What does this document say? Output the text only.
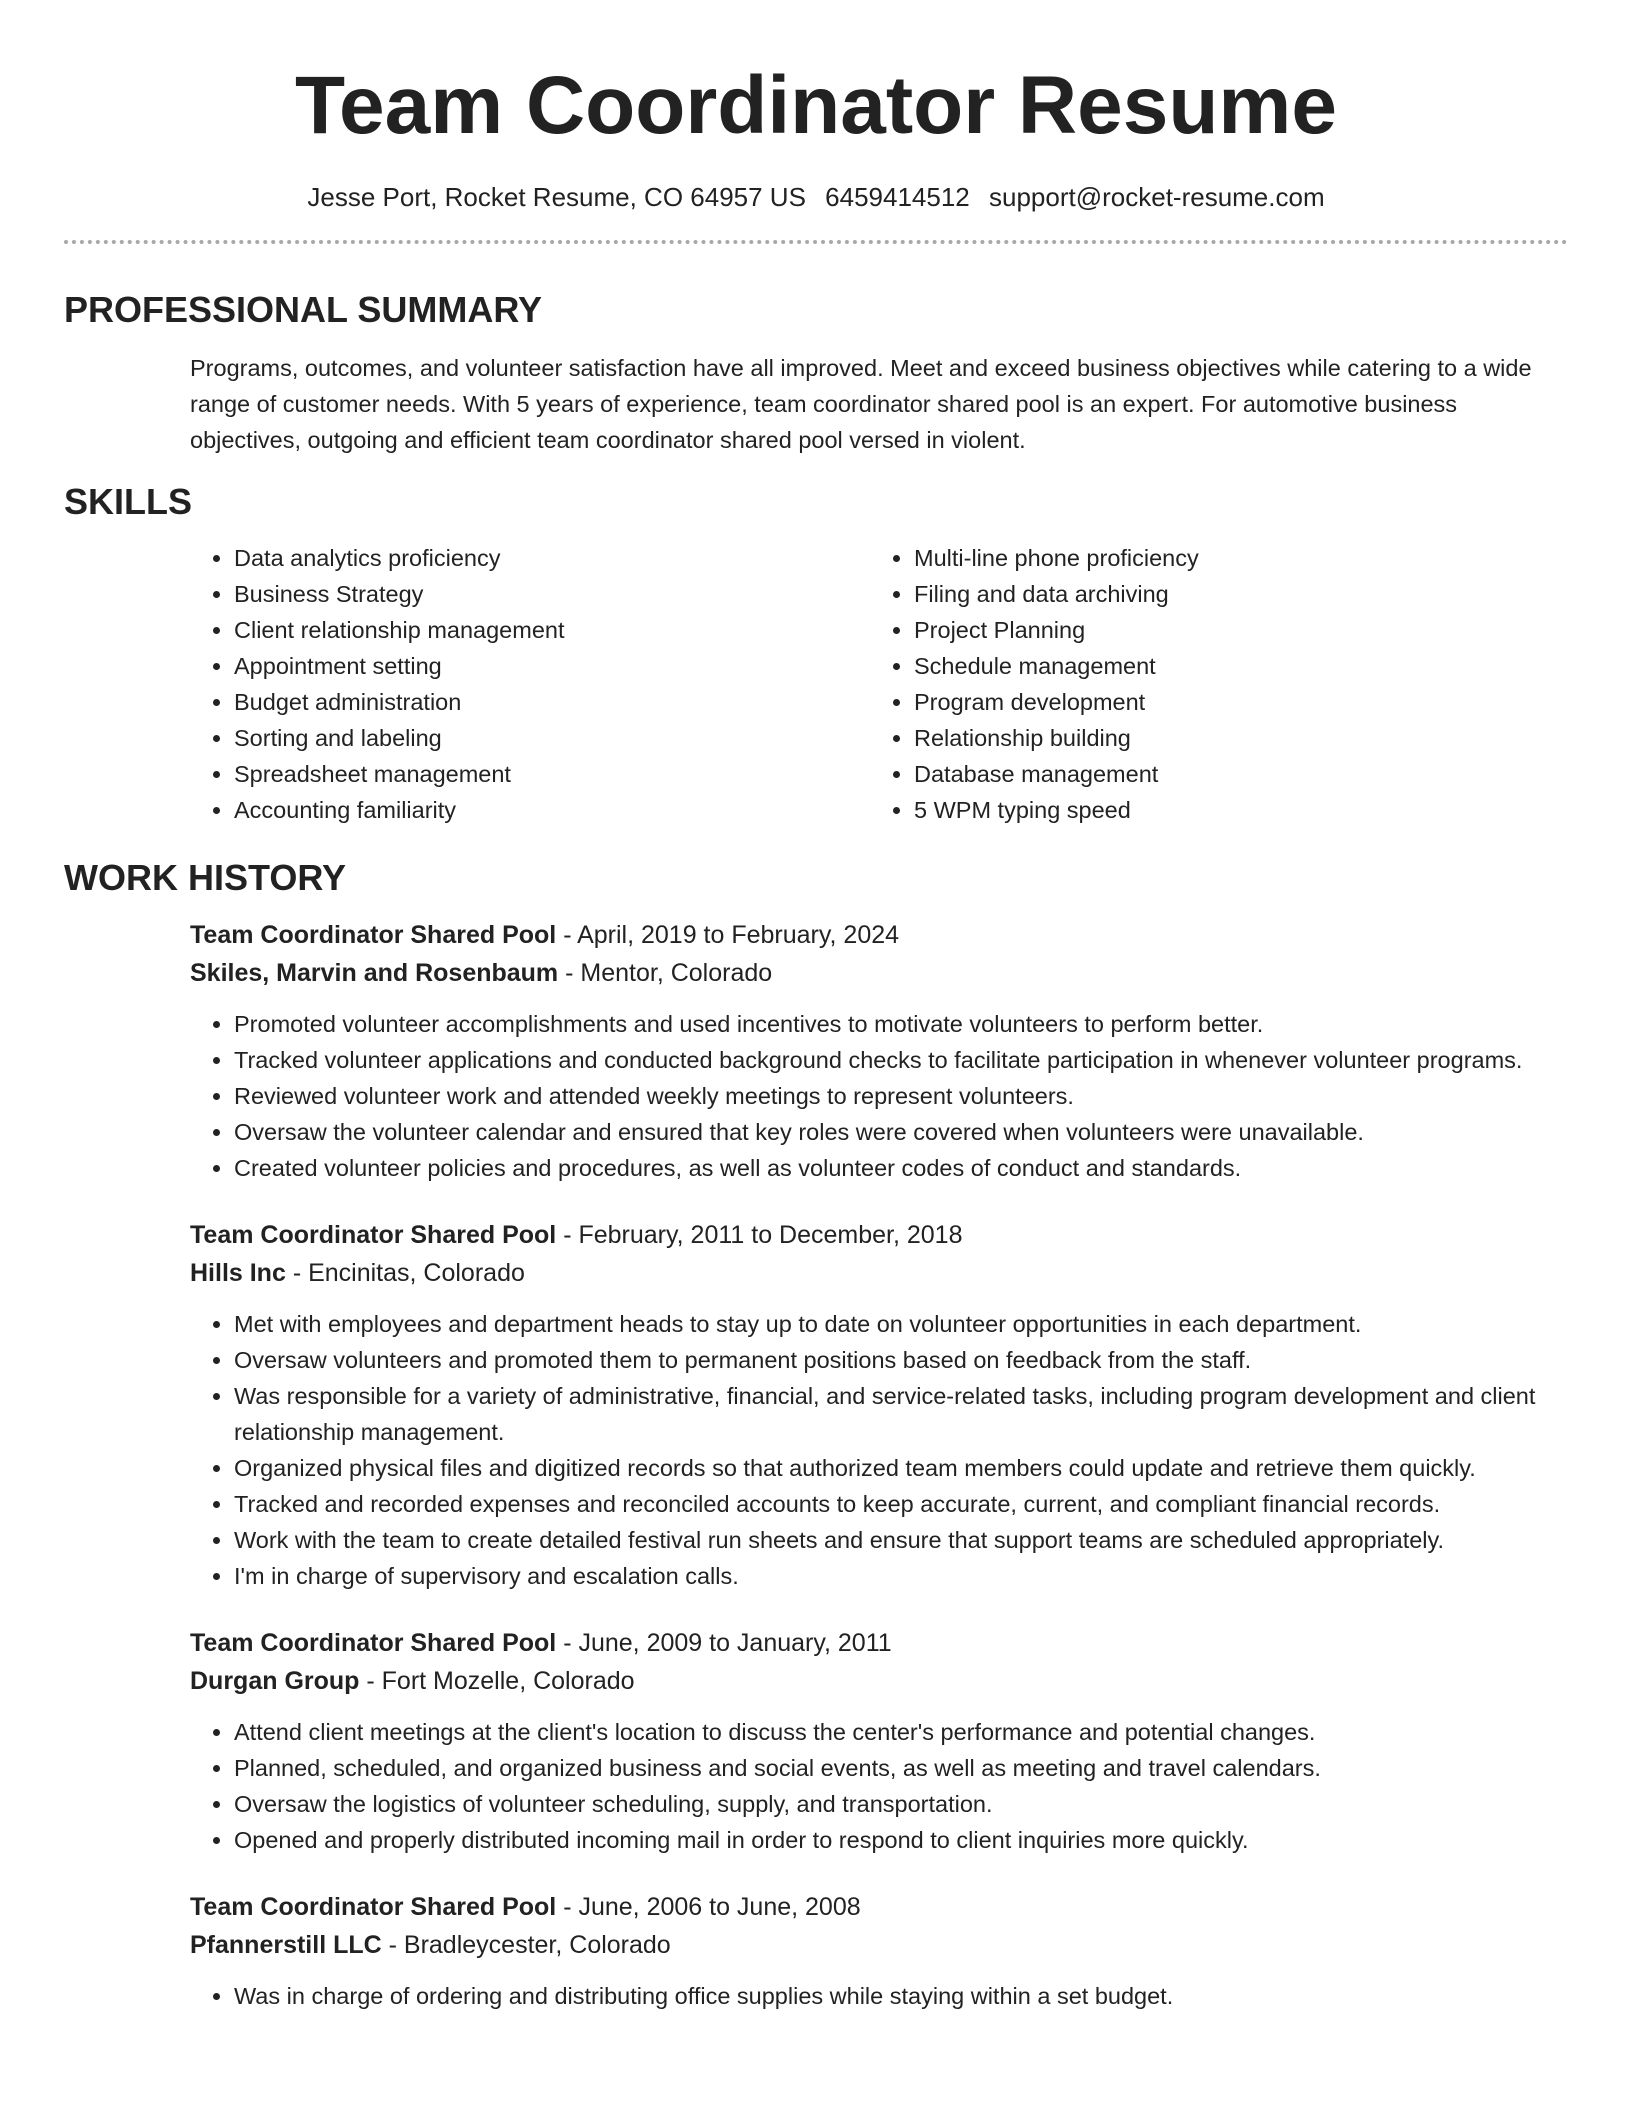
Team Coordinator Resume
Jesse Port, Rocket Resume, CO 64957 US 6459414512 support@rocket-resume.com
PROFESSIONAL SUMMARY

Programs, outcomes, and volunteer satisfaction have all improved. Meet and exceed business objectives while catering to a wide range of customer needs. With 5 years of experience, team coordinator shared pool is an expert. For automotive business objectives, outgoing and efficient team coordinator shared pool versed in violent.

SKILLS
• Data analytics proficiency
• Business Strategy
• Client relationship management
• Appointment setting
• Budget administration
• Sorting and labeling
• Spreadsheet management
• Accounting familiarity
• Multi-line phone proficiency
• Filing and data archiving
• Project Planning
• Schedule management
• Program development
• Relationship building
• Database management
• 5 WPM typing speed
WORK HISTORY
Team Coordinator Shared Pool - April, 2019 to February, 2024
Skiles, Marvin and Rosenbaum - Mentor, Colorado
• Promoted volunteer accomplishments and used incentives to motivate volunteers to perform better.
• Tracked volunteer applications and conducted background checks to facilitate participation in whenever volunteer programs.
• Reviewed volunteer work and attended weekly meetings to represent volunteers.
• Oversaw the volunteer calendar and ensured that key roles were covered when volunteers were unavailable.
• Created volunteer policies and procedures, as well as volunteer codes of conduct and standards.
Team Coordinator Shared Pool - February, 2011 to December, 2018
Hills Inc - Encinitas, Colorado
• Met with employees and department heads to stay up to date on volunteer opportunities in each department.
• Oversaw volunteers and promoted them to permanent positions based on feedback from the staff.
• Was responsible for a variety of administrative, financial, and service-related tasks, including program development and client relationship management.
• Organized physical files and digitized records so that authorized team members could update and retrieve them quickly.
• Tracked and recorded expenses and reconciled accounts to keep accurate, current, and compliant financial records.
• Work with the team to create detailed festival run sheets and ensure that support teams are scheduled appropriately.
• I'm in charge of supervisory and escalation calls.
Team Coordinator Shared Pool - June, 2009 to January, 2011
Durgan Group - Fort Mozelle, Colorado
• Attend client meetings at the client's location to discuss the center's performance and potential changes.
• Planned, scheduled, and organized business and social events, as well as meeting and travel calendars.
• Oversaw the logistics of volunteer scheduling, supply, and transportation.
• Opened and properly distributed incoming mail in order to respond to client inquiries more quickly.
Team Coordinator Shared Pool - June, 2006 to June, 2008
Pfannerstill LLC - Bradleycester, Colorado
• Was in charge of ordering and distributing office supplies while staying within a set budget.
